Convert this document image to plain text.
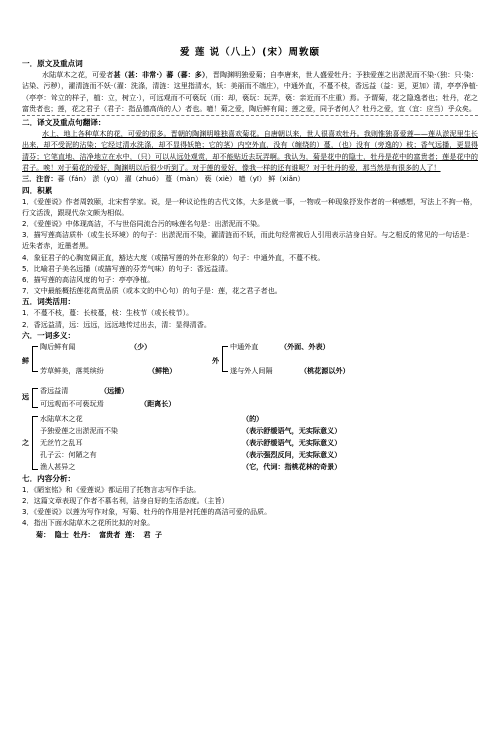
爱 莲 说（八上）(宋）周敦颐
一．原文及重点词
水陆草木之花，可爱者甚（甚：非常·）蕃（蕃：多），晋陶渊明独爱菊；自李唐来，世人盛爱牡丹；予独爱莲之出淤泥而不染·（独：只·染：沾染、污秽），濯清涟而不妖·（濯：洗涤，清涟：这里指清水，妖：美丽而不端庄），中通外直，不蔓不枝，香远益（益：更，更加）清，亭亭净植·（亭亭：耸立的样子，植：立，树立·），可远观而不可亵玩（而：却，亵玩：玩弄，亵：亲近而不庄重）焉。予谓菊，花之隐逸者也；牡丹，花之富贵者也；莲，花之君子（君子：指品德高尚的人）者也。噫！菊之爱，陶后鲜有闻；莲之爱，同予者何人？牡丹之爱，宜（宜：应当）乎众矣。
二．译文及重点句翻译：
水上、地上各种草木的花，可爱的很多。晋朝的陶渊明唯独喜欢菊花。自唐朝以来，世人很喜欢牡丹。我则惟独喜爱莲——莲从淤泥里生长出来，却不受泥的沾染；它经过清水洗涤，却不显得妖艳；它的茎）内空外直，没有（缠绕的）蔓，（也）没有（旁逸的）枝；香气远播，更显得清芬；它笔直地、洁净地立在水中，（只）可以从远处观赏，却不能贴近去玩弄啊。我认为，菊是花中的隐士，牡丹是花中的富贵者；莲是花中的君子。唉！对于菊花的爱好，陶渊明以后很少听到了。对于莲的爱好，像我一样的还有谁呢？对于牡丹的爱，那当然是有很多的人了！
三．注音：蕃（fán） 淤（yū） 濯（zhuó） 蔓（màn） 亵（xiè） 噫（yī） 鲜（xiǎn）
四．积累
1．《爱莲说》作者周敦颐，北宋哲学家。说，是一种议论性的古代文体，大多是就一事，一物或一种现象抒发作者的一种感想，写法上不拘一格，行文活泼，跟现代杂文颇为相似。
2．《爱莲说》中体现高洁，不与世俗同流合污的咏莲名句是：出淤泥而不染。
3．描写莲高洁质朴（或生长环境）的句子：出淤泥而不染，濯清涟而不妖，而此句经常被后人引用表示洁身自好。与之相反的常见的一句话是：近朱者赤，近墨者黑。
4．象征君子的心胸宽阔正直，豁达大度（或描写莲的外在形象的）句子：中通外直，不蔓不枝。
5．比喻君子美名远播（或描写莲的芬芳气味）的句子：香远益清。
6．描写莲的高洁风度的句子：亭亭净植。
7．文中最能概括莲花高贵品质（或本文的中心句）的句子是：莲，花之君子者也。
五．词类活用：
1．不蔓不枝，蔓：长枝蔓，枝：生枝节（或长枝节）。
2．香远益清，远：远远，远远地传过出去，清：显得清香。
六．一词多义：
鲜
陶后鲜有闻	（少）
芳草鲜美，落英缤纷	（鲜艳）
外
中通外直	（外面、外表）
遂与外人间隔	（桃花源以外）
远
香远益清	（远播）
可远观而不可亵玩焉	（距离长）
之
水陆草木之花	（的）
予独爱莲之出淤泥而不染	（表示舒缓语气，无实际意义）
无丝竹之乱耳	（表示舒缓语气，无实际意义）
孔子云：何陋之有	（表示强烈反问，无实际意义）
渔人甚异之	（它，代词：指桃花林的奇景）
七．内容分析：
1．《陋室铭》和《爱莲说》都运用了托物言志写作手法。
2．这篇文章表现了作者不慕名利，洁身自好的生活态度。（主旨）
3．《爱莲说》以莲为写作对象，写菊、牡丹的作用是衬托莲的高洁可爱的品质。
4．指出下面水陆草木之花所比拟的对象。
菊： 隐士 牡丹： 富贵者 莲： 君 子
